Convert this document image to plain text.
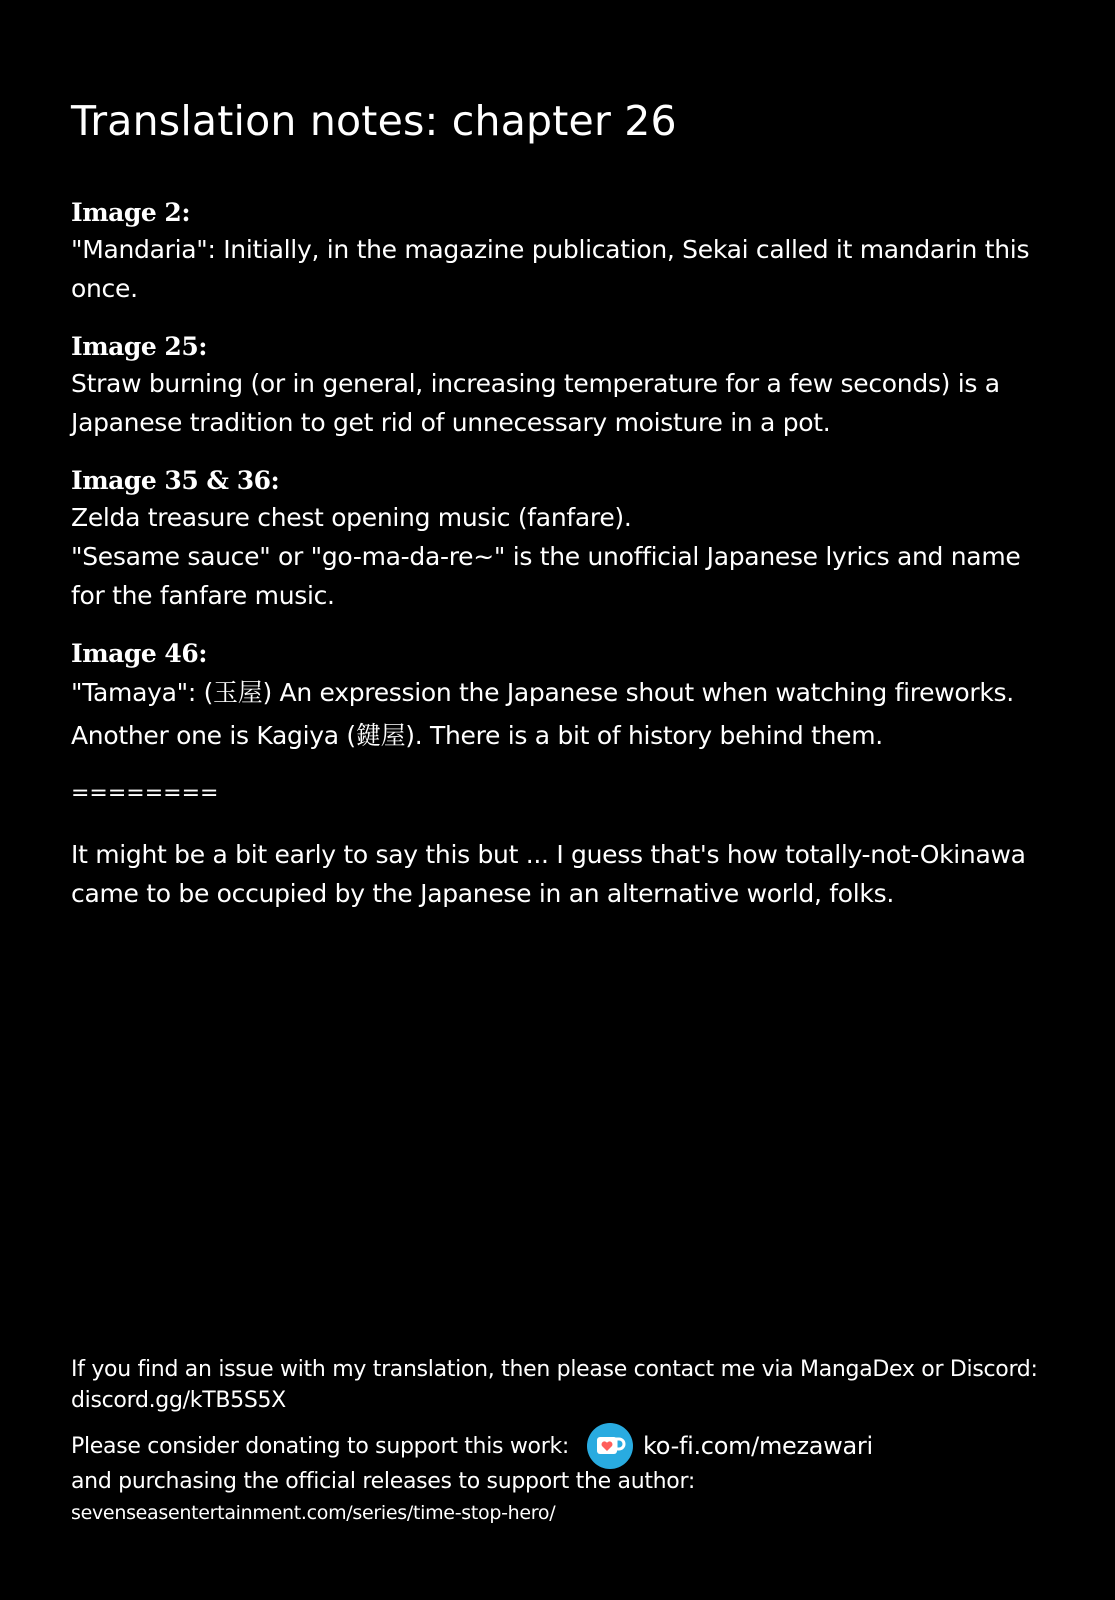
Translation notes: chapter 26
Image 2:
"Mandaria": Initially, in the magazine publication, Sekai called it mandarin this once.
Image 25:
Straw burning (or in general, increasing temperature for a few seconds) is a Japanese tradition to get rid of unnecessary moisture in a pot.
Image 35 & 36:
Zelda treasure chest opening music (fanfare).
"Sesame sauce" or "go-ma-da-re~" is the unofficial Japanese lyrics and name for the fanfare music.
Image 46:
"Tamaya": (玉屋) An expression the Japanese shout when watching fireworks.
Another one is Kagiya (鍵屋). There is a bit of history behind them.
========
It might be a bit early to say this but ... I guess that's how totally-not-Okinawa came to be occupied by the Japanese in an alternative world, folks.
If you find an issue with my translation, then please contact me via MangaDex or Discord: discord.gg/kTB5S5X
Please consider donating to support this work:	ko-fi.com/mezawari
and purchasing the official releases to support the author: sevenseasentertainment.com/series/time-stop-hero/
